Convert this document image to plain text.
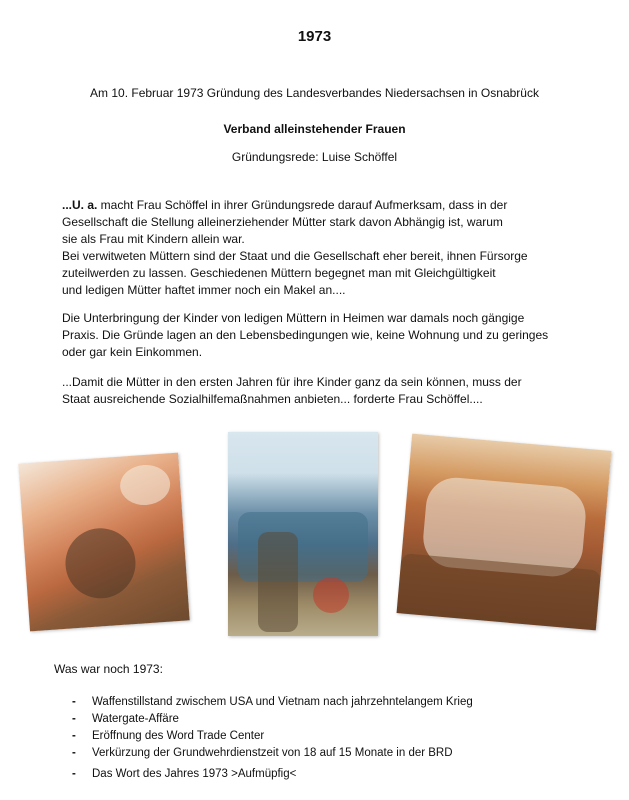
1973
Am 10. Februar 1973 Gründung des Landesverbandes Niedersachsen in Osnabrück
Verband alleinstehender Frauen
Gründungsrede: Luise Schöffel

...U. a. macht Frau Schöffel in ihrer Gründungsrede darauf Aufmerksam, dass in der

Gesellschaft die Stellung alleinerziehender Mütter stark davon Abhängig ist, warum

sie als Frau mit Kindern allein war.

Bei verwitweten Müttern sind der Staat und die Gesellschaft eher bereit, ihnen Fürsorge

zuteilwerden zu lassen. Geschiedenen Müttern begegnet man mit Gleichgültigkeit

und ledigen Mütter haftet immer noch ein Makel an....

Die Unterbringung der Kinder von ledigen Müttern in Heimen war damals noch gängige

Praxis. Die Gründe lagen an den Lebensbedingungen wie, keine Wohnung und zu geringes

oder gar kein Einkommen.

...Damit die Mütter in den ersten Jahren für ihre Kinder ganz da sein können, muss der

Staat ausreichende Sozialhilfemaßnahmen anbieten... forderte Frau Schöffel....

Was war noch 1973:
- Waffenstillstand zwischem USA und Vietnam nach jahrzehntelangem Krieg
- Watergate-Affäre
- Eröffnung des Word Trade Center
- Verkürzung der Grundwehrdienstzeit von 18 auf 15 Monate in der BRD
- Das Wort des Jahres 1973 >Aufmüpfig<
